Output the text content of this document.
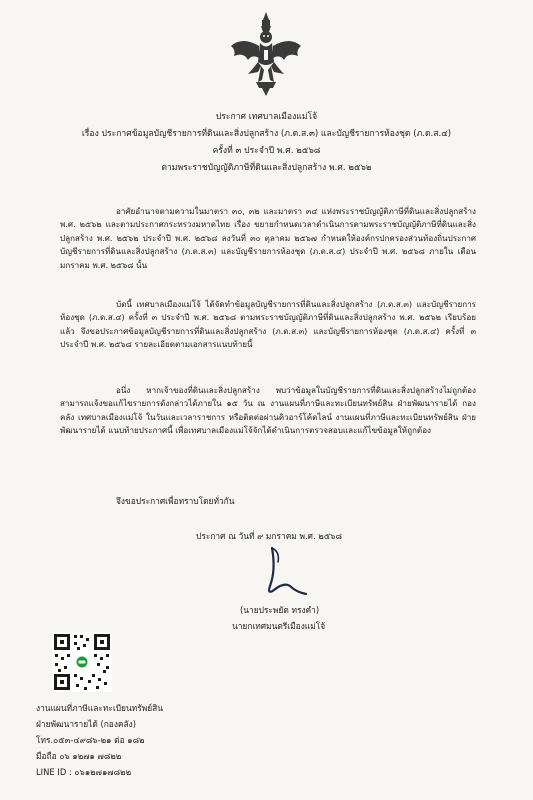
ประกาศ เทศบาลเมืองแม่โจ้
เรื่อง ประกาศข้อมูลบัญชีรายการที่ดินและสิ่งปลูกสร้าง (ภ.ด.ส.๓) และบัญชีรายการห้องชุด (ภ.ด.ส.๔)
ครั้งที่ ๓ ประจำปี พ.ศ. ๒๕๖๘
ตามพระราชบัญญัติภาษีที่ดินและสิ่งปลูกสร้าง พ.ศ. ๒๕๖๒

อาศัยอำนาจตามความในมาตรา ๓๐, ๓๒ และมาตรา ๓๔ แห่งพระราชบัญญัติภาษีที่ดินและสิ่งปลูกสร้าง พ.ศ. ๒๕๖๒ และตามประกาศกระทรวงมหาดไทย เรื่อง ขยายกำหนดเวลาดำเนินการตามพระราชบัญญัติภาษีที่ดินและสิ่งปลูกสร้าง พ.ศ. ๒๕๖๒ ประจำปี พ.ศ. ๒๕๖๘ ลงวันที่ ๓๐ ตุลาคม ๒๕๖๗ กำหนดให้องค์กรปกครองส่วนท้องถิ่นประกาศบัญชีรายการที่ดินและสิ่งปลูกสร้าง (ภ.ด.ส.๓) และบัญชีรายการห้องชุด (ภ.ด.ส.๔) ประจำปี พ.ศ. ๒๕๖๘ ภายใน เดือนมกราคม พ.ศ. ๒๕๖๘ นั้น

บัดนี้ เทศบาลเมืองแม่โจ้ ได้จัดทำข้อมูลบัญชีรายการที่ดินและสิ่งปลูกสร้าง (ภ.ด.ส.๓) และบัญชีรายการห้องชุด (ภ.ด.ส.๔) ครั้งที่ ๓ ประจำปี พ.ศ. ๒๕๖๘ ตามพระราชบัญญัติภาษีที่ดินและสิ่งปลูกสร้าง พ.ศ. ๒๕๖๒ เรียบร้อยแล้ว จึงขอประกาศข้อมูลบัญชีรายการที่ดินและสิ่งปลูกสร้าง (ภ.ด.ส.๓) และบัญชีรายการห้องชุด (ภ.ด.ส.๔) ครั้งที่ ๓ ประจำปี พ.ศ. ๒๕๖๘ รายละเอียดตามเอกสารแนบท้ายนี้

อนึ่ง หากเจ้าของที่ดินและสิ่งปลูกสร้าง พบว่าข้อมูลในบัญชีรายการที่ดินและสิ่งปลูกสร้างไม่ถูกต้อง สามารถแจ้งขอแก้ไขรายการดังกล่าวได้ภายใน ๑๕ วัน ณ งานแผนที่ภาษีและทะเบียนทรัพย์สิน ฝ่ายพัฒนารายได้ กองคลัง เทศบาลเมืองแม่โจ้ ในวันและเวลาราชการ หรือติดต่อผ่านคิวอาร์โค้ดไลน์ งานแผนที่ภาษีและทะเบียนทรัพย์สิน ฝ่ายพัฒนารายได้ แนบท้ายประกาศนี้ เพื่อเทศบาลเมืองแม่โจ้จักได้ดำเนินการตรวจสอบและแก้ไขข้อมูลให้ถูกต้อง

จึงขอประกาศเพื่อทราบโดยทั่วกัน
ประกาศ ณ วันที่ ๙ มกราคม พ.ศ. ๒๕๖๘
(นายประพยัต ทรงคำ)
นายกเทศมนตรีเมืองแม่โจ้
งานแผนที่ภาษีและทะเบียนทรัพย์สิน
ฝ่ายพัฒนารายได้ (กองคลัง)
โทร.๐๕๓-๔๙๘๖-๒๑ ต่อ ๑๘๒
มือถือ ๐๖ ๑๒๗๑ ๗๘๒๒
LINE ID : ๐๖๑๒๗๑๗๘๒๒
